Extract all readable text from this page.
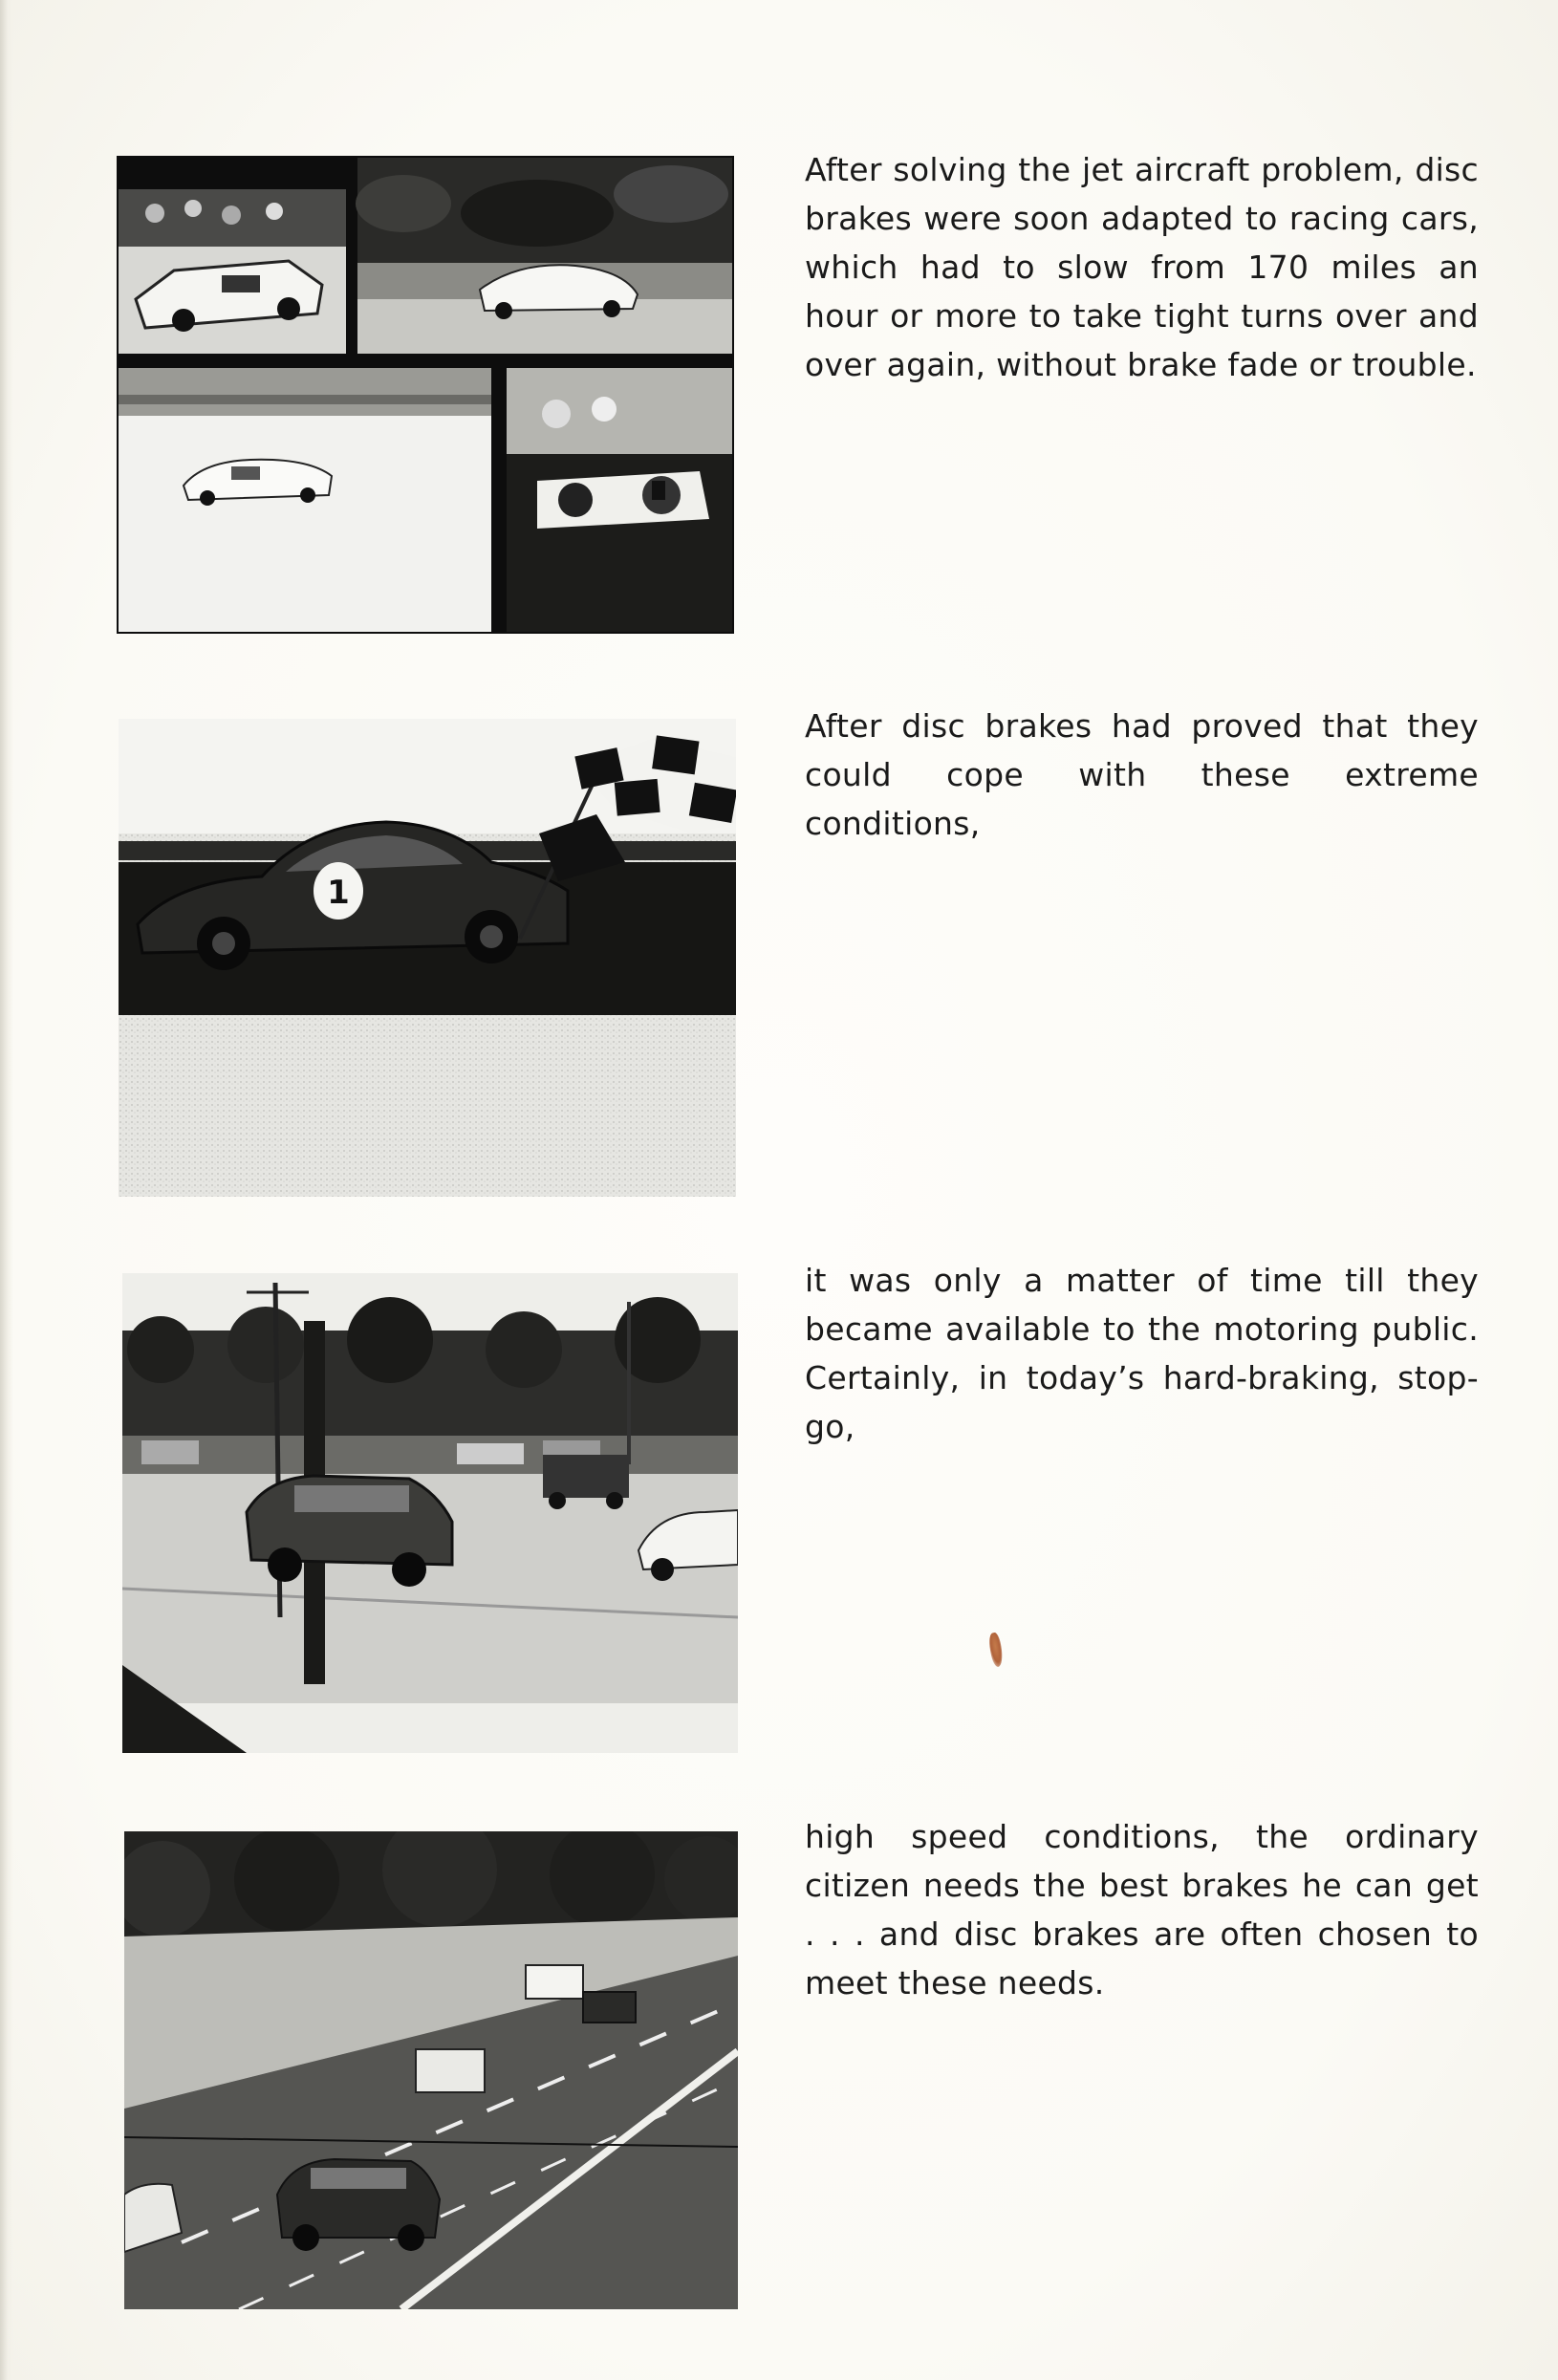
After solving the jet aircraft problem, disc brakes were soon adapted to racing cars, which had to slow from 170 miles an hour or more to take tight turns over and over again, without brake fade or trouble.

1

After disc brakes had proved that they could cope with these extreme conditions,

it was only a matter of time till they became available to the motoring public. Certainly, in today’s hard-braking, stop-go,

high speed conditions, the ordinary citizen needs the best brakes he can get . . . and disc brakes are often chosen to meet these needs.
